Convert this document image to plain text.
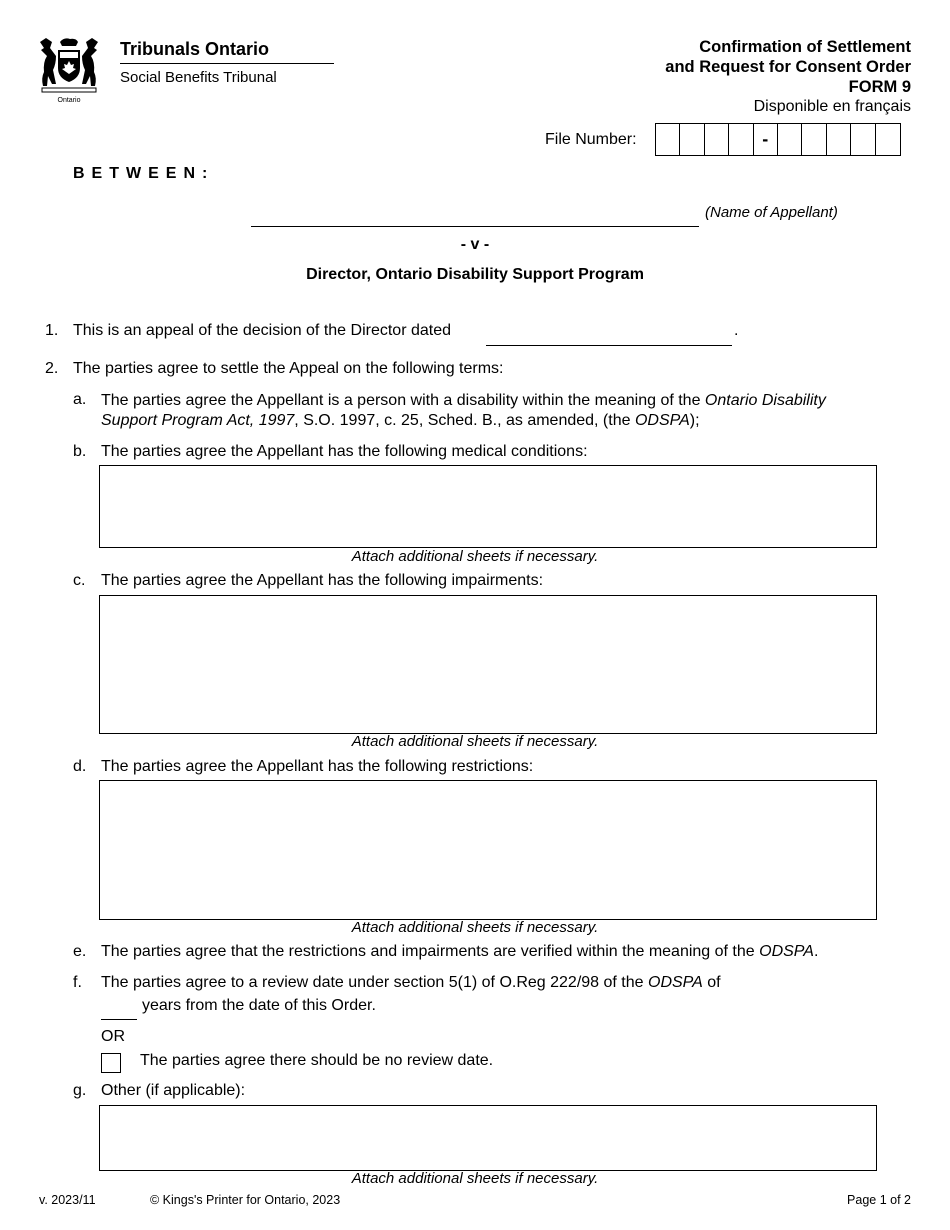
Ontario
Tribunals Ontario
Social Benefits Tribunal
Confirmation of Settlement
and Request for Consent Order
FORM 9
Disponible en français
File Number:	-
BETWEEN:
(Name of Appellant)
- v -
Director, Ontario Disability Support Program
1. This is an appeal of the decision of the Director dated	.
2. The parties agree to settle the Appeal on the following terms:
a. The parties agree the Appellant is a person with a disability within the meaning of the Ontario Disability
Support Program Act, 1997, S.O. 1997, c. 25, Sched. B., as amended, (the ODSPA);
b. The parties agree the Appellant has the following medical conditions:
Attach additional sheets if necessary.
c. The parties agree the Appellant has the following impairments:
Attach additional sheets if necessary.
d. The parties agree the Appellant has the following restrictions:
Attach additional sheets if necessary.
e. The parties agree that the restrictions and impairments are verified within the meaning of the ODSPA.
f. The parties agree to a review date under section 5(1) of O.Reg 222/98 of the ODSPA of
years from the date of this Order.
OR
The parties agree there should be no review date.
g. Other (if applicable):
Attach additional sheets if necessary.
v. 2023/11	© Kings's Printer for Ontario, 2023	Page 1 of 2
